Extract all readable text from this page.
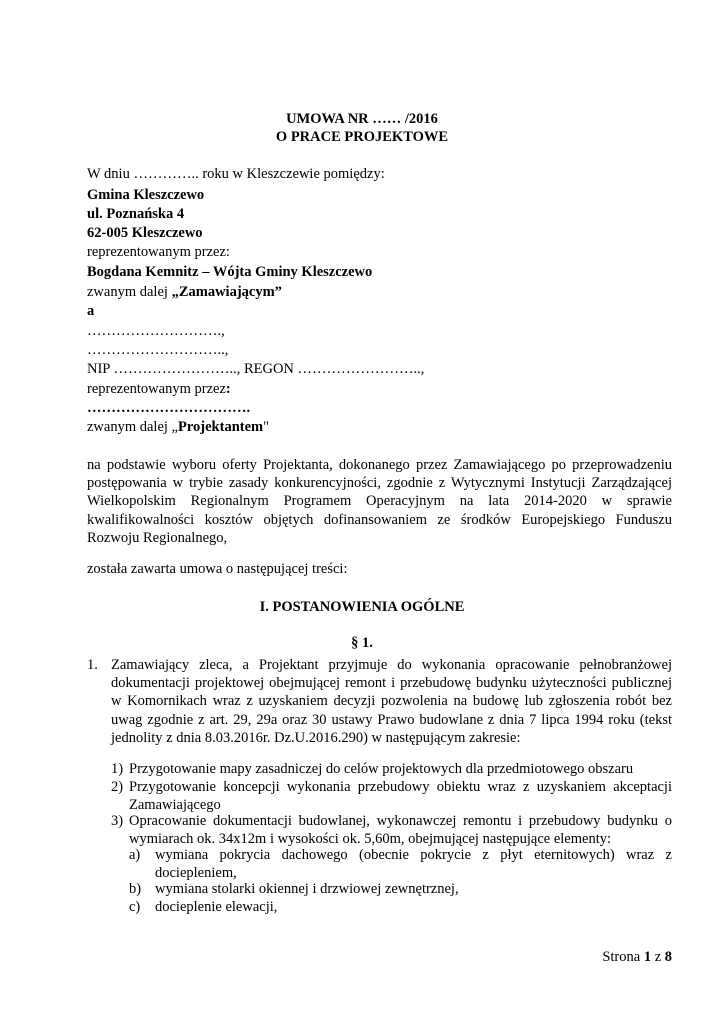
UMOWA NR …… /2016
O PRACE PROJEKTOWE
W dniu ………….. roku w Kleszczewie pomiędzy:
Gmina Kleszczewo
ul. Poznańska 4
62-005 Kleszczewo
reprezentowanym przez:
Bogdana Kemnitz – Wójta Gminy Kleszczewo
zwanym dalej „Zamawiającym”
a
……………………….,
………………………..,
NIP …………………….., REGON ……………………..,
reprezentowanym przez:
…………………………….
zwanym dalej „Projektantem"
na podstawie wyboru oferty Projektanta, dokonanego przez Zamawiającego po przeprowadzeniu postępowania w trybie zasady konkurencyjności, zgodnie z Wytycznymi Instytucji Zarządzającej Wielkopolskim Regionalnym Programem Operacyjnym na lata 2014-2020 w sprawie kwalifikowalności kosztów objętych dofinansowaniem ze środków Europejskiego Funduszu Rozwoju Regionalnego,
została zawarta umowa o następującej treści:
I. POSTANOWIENIA OGÓLNE
§ 1.
1. Zamawiający zleca, a Projektant przyjmuje do wykonania opracowanie pełnobranżowej dokumentacji projektowej obejmującej remont i przebudowę budynku użyteczności publicznej w Komornikach wraz z uzyskaniem decyzji pozwolenia na budowę lub zgłoszenia robót bez uwag zgodnie z art. 29, 29a oraz 30 ustawy Prawo budowlane z dnia 7 lipca 1994 roku (tekst jednolity z dnia 8.03.2016r. Dz.U.2016.290) w następującym zakresie:
1) Przygotowanie mapy zasadniczej do celów projektowych dla przedmiotowego obszaru
2) Przygotowanie koncepcji wykonania przebudowy obiektu wraz z uzyskaniem akceptacji Zamawiającego
3) Opracowanie dokumentacji budowlanej, wykonawczej remontu i przebudowy budynku o wymiarach ok. 34x12m i wysokości ok. 5,60m, obejmującej następujące elementy:
a) wymiana pokrycia dachowego (obecnie pokrycie z płyt eternitowych) wraz z dociepleniem,
b) wymiana stolarki okiennej i drzwiowej zewnętrznej,
c) docieplenie elewacji,
Strona 1 z 8
